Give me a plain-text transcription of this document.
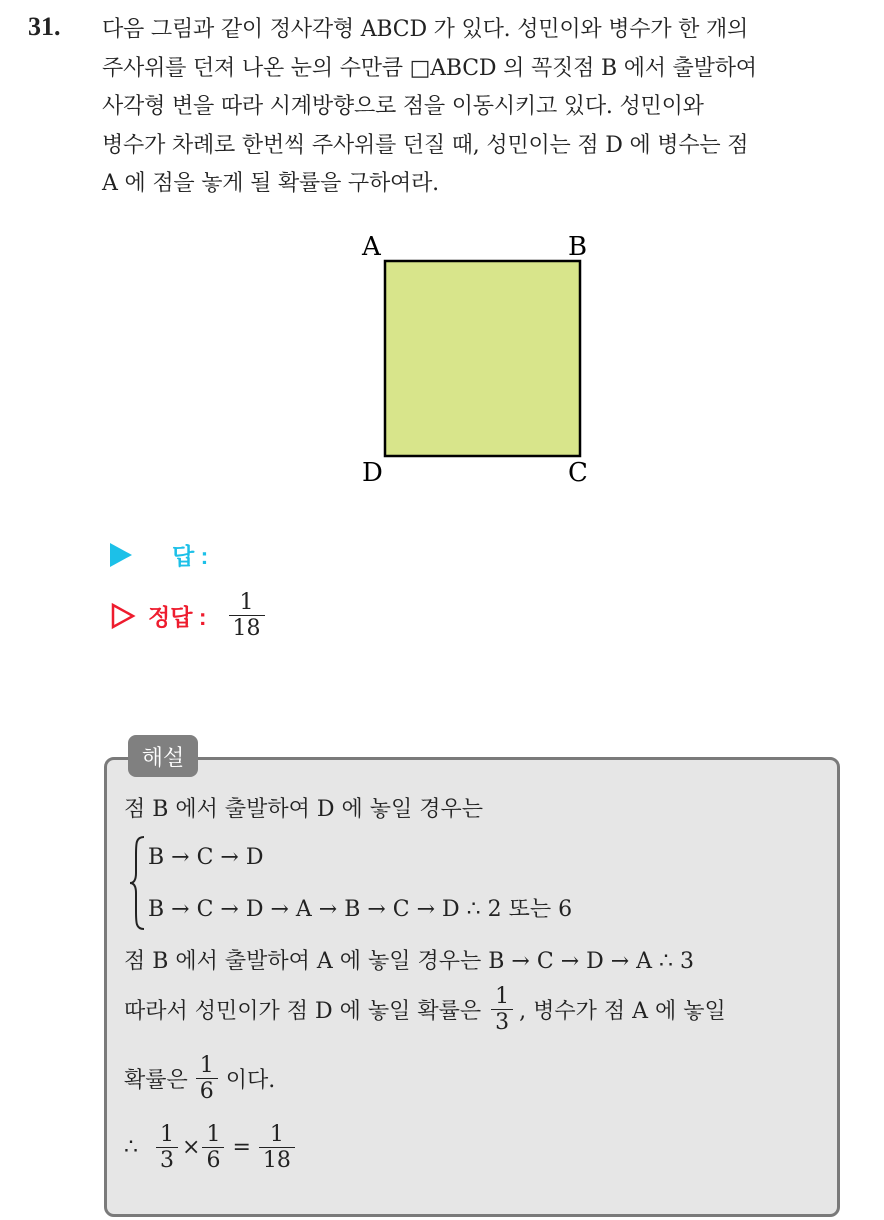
31. 다음 그림과 같이 정사각형 ABCD 가 있다. 성민이와 병수가 한 개의
주사위를 던져 나온 눈의 수만큼 □ABCD 의 꼭짓점 B 에서 출발하여
사각형 변을 따라 시계방향으로 점을 이동시키고 있다. 성민이와
병수가 차례로 한번씩 주사위를 던질 때, 성민이는 점 D 에 병수는 점
A 에 점을 놓게 될 확률을 구하여라.
A	B
D	C
답 :
정답 : $\frac{1}{18}$
해설
점 B 에서 출발하여 D 에 놓일 경우는
B → C → D
B → C → D → A → B → C → D ∴ 2 또는 6
점 B 에서 출발하여 A 에 놓일 경우는 B → C → D → A ∴ 3
따라서 성민이가 점 D 에 놓일 확률은 $\frac{1}{3}$ , 병수가 점 A 에 놓일
확률은 $\frac{1}{6}$ 이다.
∴ $\frac{1}{3} \times \frac{1}{6} = \frac{1}{18}$
